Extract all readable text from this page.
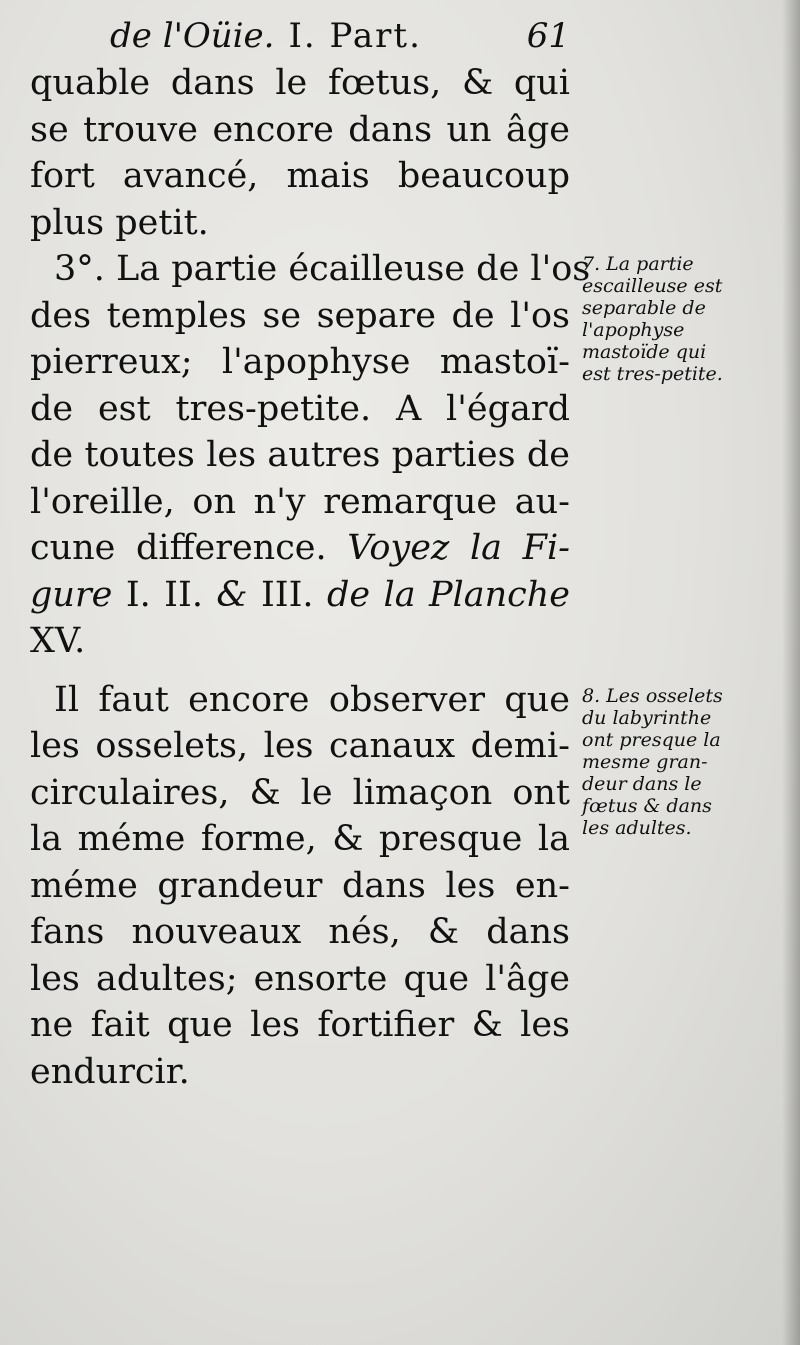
de l'Oüie. I. Part.	61
quable dans le fœtus, & qui
se trouve encore dans un âge
fort avancé, mais beaucoup
plus petit.
3°. La partie écailleuse de l'os
des temples se separe de l'os
pierreux; l'apophyse mastoï-
de est tres-petite. A l'égard
de toutes les autres parties de
l'oreille, on n'y remarque au-
cune difference. Voyez la Fi-
gure I. II. & III. de la Planche
XV.
Il faut encore observer que
les osselets, les canaux demi-
circulaires, & le limaçon ont
la méme forme, & presque la
méme grandeur dans les en-
fans nouveaux nés, & dans
les adultes; ensorte que l'âge
ne fait que les fortifier & les
endurcir.
7. La partie
escailleuse est
separable de
l'apophyse
mastoïde qui
est tres-petite.
8. Les osselets
du labyrinthe
ont presque la
mesme gran-
deur dans le
fœtus & dans
les adultes.
